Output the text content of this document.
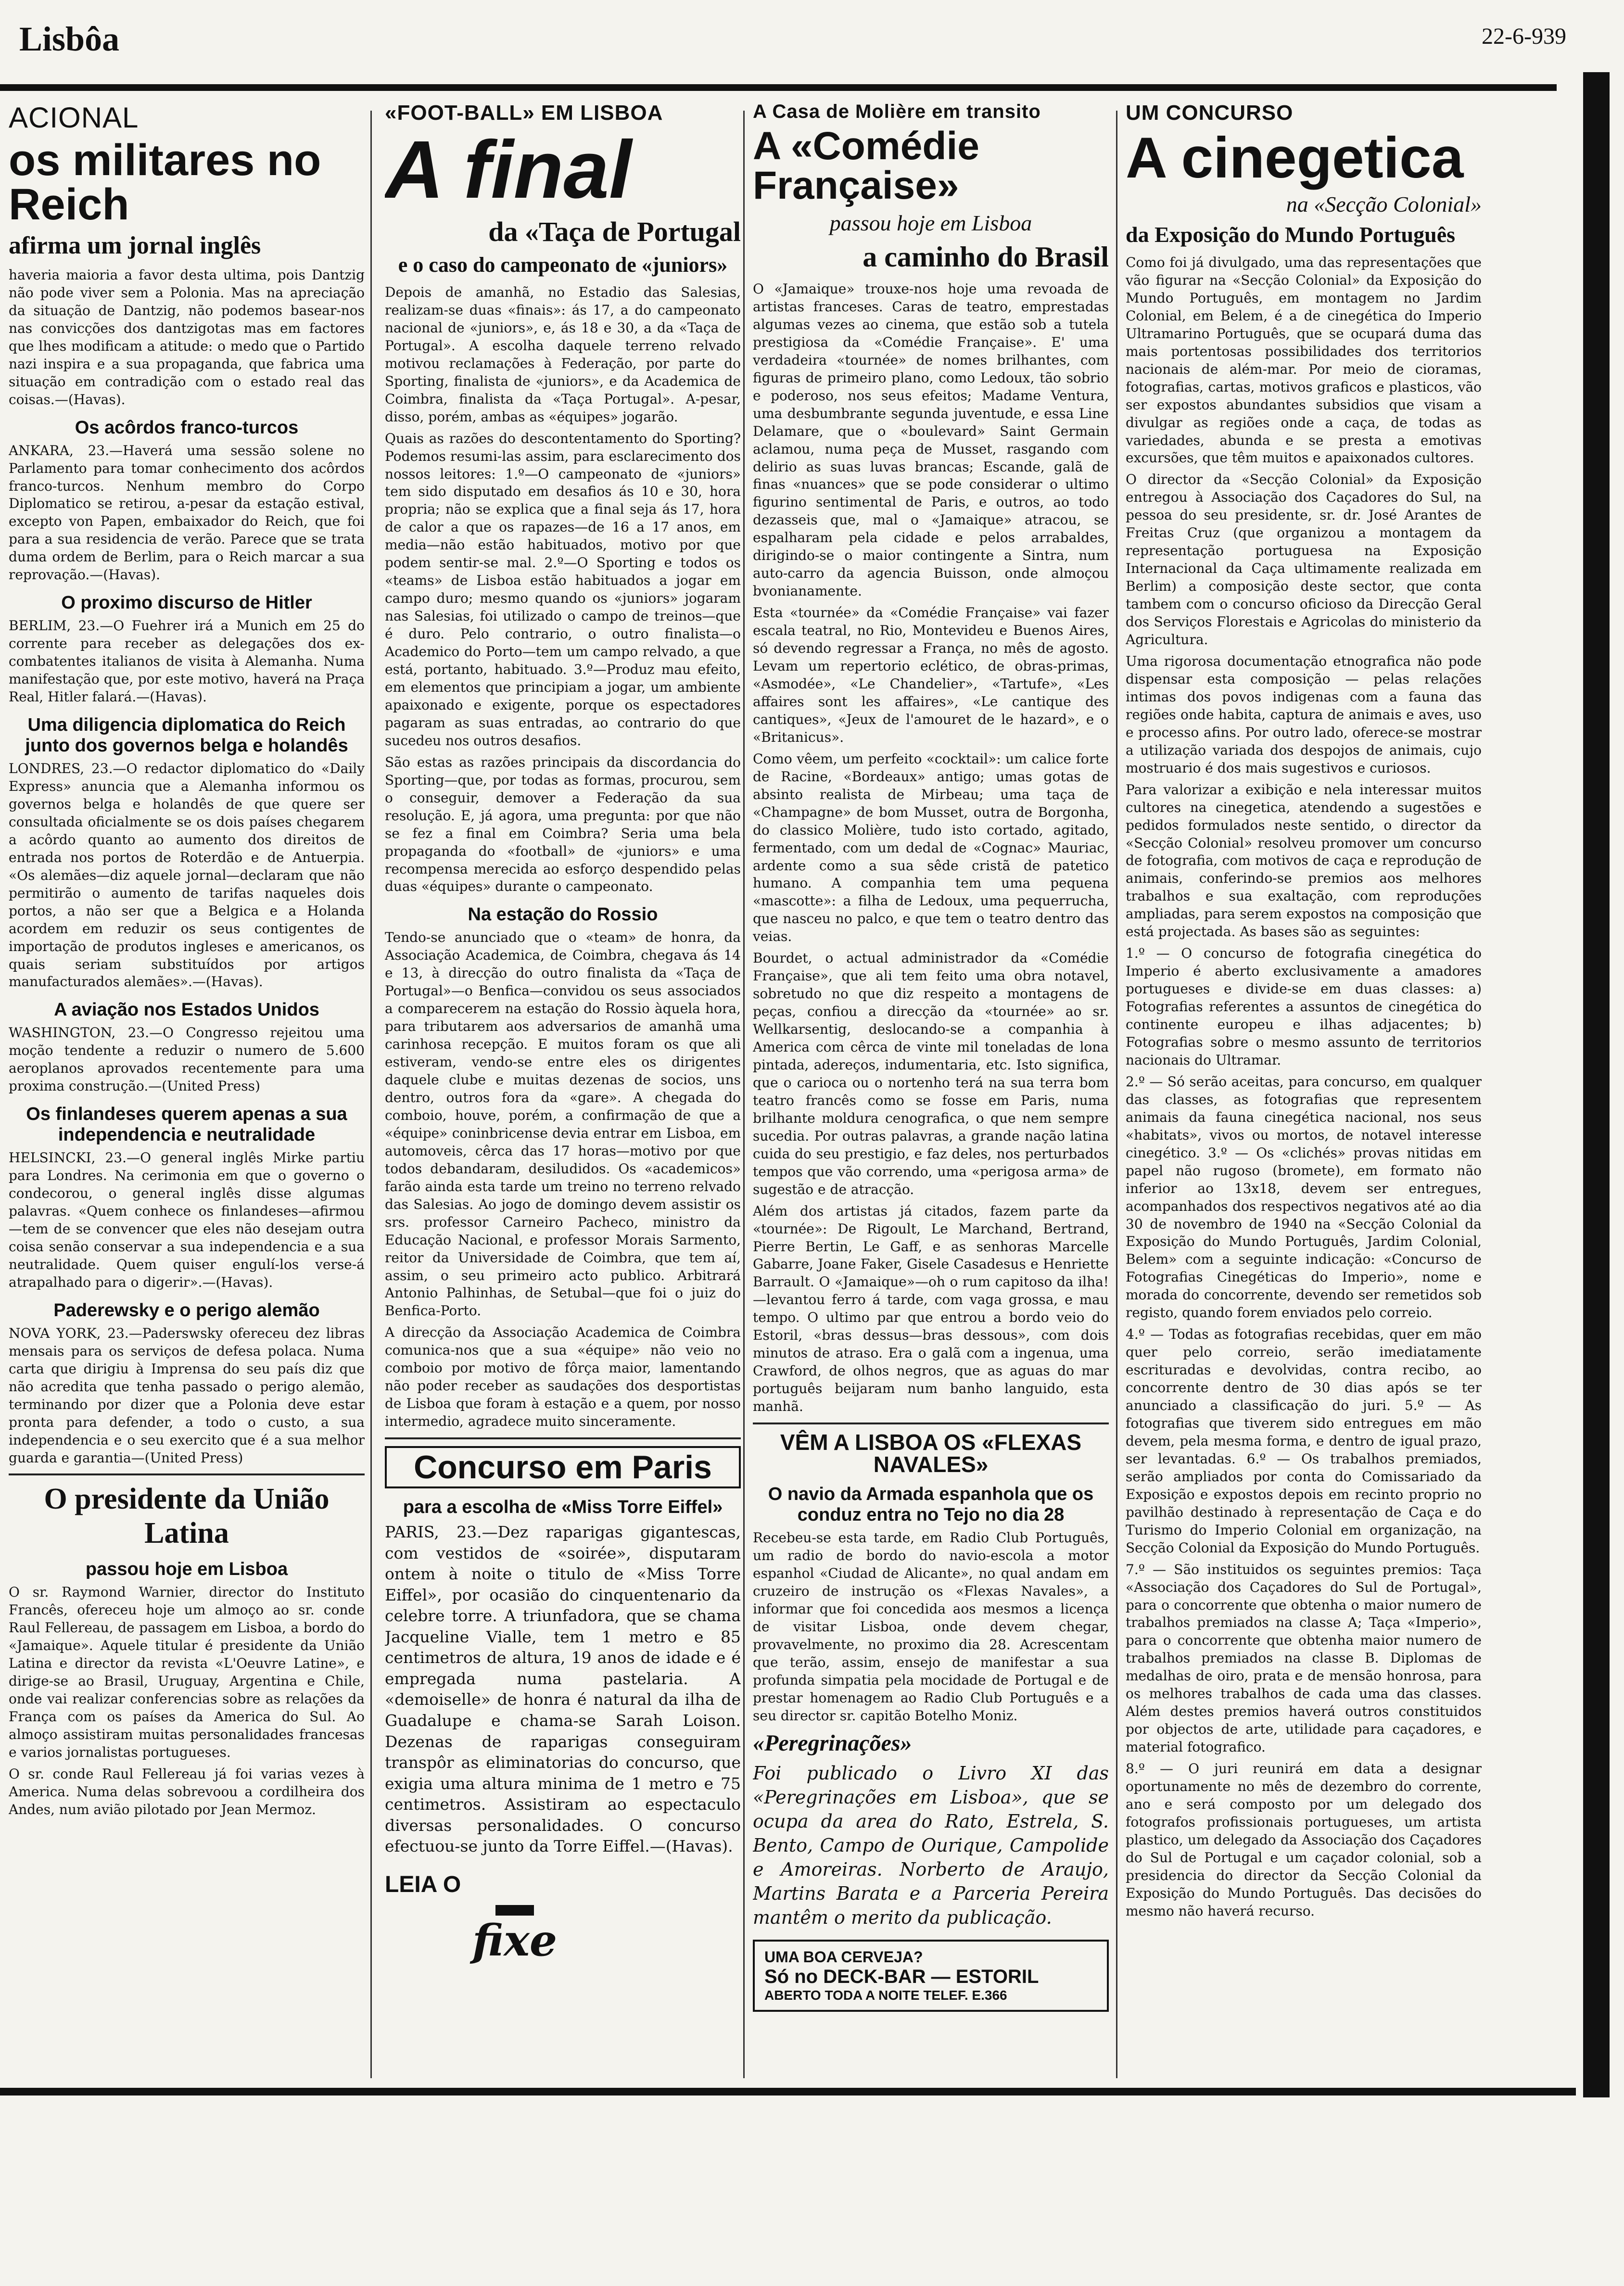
Lisbôa	22-6-939
ACIONAL
os militares no Reich
afirma um jornal inglês

haveria maioria a favor desta ultima, pois Dantzig não pode viver sem a Polonia. Mas na apreciação da situação de Dantzig, não podemos basear-nos nas convicções dos dantzigotas mas em factores que lhes modificam a atitude: o medo que o Partido nazi inspira e a sua propaganda, que fabrica uma situação em contradição com o estado real das coisas.—(Havas).

Os acôrdos franco-turcos

ANKARA, 23.—Haverá uma sessão solene no Parlamento para tomar conhecimento dos acôrdos franco-turcos. Nenhum membro do Corpo Diplomatico se retirou, a-pesar da estação estival, excepto von Papen, embaixador do Reich, que foi para a sua residencia de verão. Parece que se trata duma ordem de Berlim, para o Reich marcar a sua reprovação.—(Havas).

O proximo discurso de Hitler

BERLIM, 23.—O Fuehrer irá a Munich em 25 do corrente para receber as delegações dos ex-combatentes italianos de visita à Alemanha. Numa manifestação que, por este motivo, haverá na Praça Real, Hitler falará.—(Havas).

Uma diligencia diplomatica do Reich junto dos governos belga e holandês

LONDRES, 23.—O redactor diplomatico do «Daily Express» anuncia que a Alemanha informou os governos belga e holandês de que quere ser consultada oficialmente se os dois países chegarem a acôrdo quanto ao aumento dos direitos de entrada nos portos de Roterdão e de Antuerpia. «Os alemães—diz aquele jornal—declaram que não permitirão o aumento de tarifas naqueles dois portos, a não ser que a Belgica e a Holanda acordem em reduzir os seus contigentes de importação de produtos ingleses e americanos, os quais seriam substituídos por artigos manufacturados alemães».—(Havas).

A aviação nos Estados Unidos

WASHINGTON, 23.—O Congresso rejeitou uma moção tendente a reduzir o numero de 5.600 aeroplanos aprovados recentemente para uma proxima construção.—(United Press)

Os finlandeses querem apenas a sua independencia e neutralidade

HELSINCKI, 23.—O general inglês Mirke partiu para Londres. Na cerimonia em que o governo o condecorou, o general inglês disse algumas palavras. «Quem conhece os finlandeses—afirmou—tem de se convencer que eles não desejam outra coisa senão conservar a sua independencia e a sua neutralidade. Quem quiser engulí-los verse-á atrapalhado para o digerir».—(Havas).

Paderewsky e o perigo alemão

NOVA YORK, 23.—Paderswsky ofereceu dez libras mensais para os serviços de defesa polaca. Numa carta que dirigiu à Imprensa do seu país diz que não acredita que tenha passado o perigo alemão, terminando por dizer que a Polonia deve estar pronta para defender, a todo o custo, a sua independencia e o seu exercito que é a sua melhor guarda e garantia—(United Press)

O presidente da União Latina
passou hoje em Lisboa

O sr. Raymond Warnier, director do Instituto Francês, ofereceu hoje um almoço ao sr. conde Raul Fellereau, de passagem em Lisboa, a bordo do «Jamaique». Aquele titular é presidente da União Latina e director da revista «L'Oeuvre Latine», e dirige-se ao Brasil, Uruguay, Argentina e Chile, onde vai realizar conferencias sobre as relações da França com os países da America do Sul. Ao almoço assistiram muitas personalidades francesas e varios jornalistas portugueses.

O sr. conde Raul Fellereau já foi varias vezes à America. Numa delas sobrevoou a cordilheira dos Andes, num avião pilotado por Jean Mermoz.

«FOOT-BALL» EM LISBOA
A final
da «Taça de Portugal
e o caso do campeonato de «juniors»

Depois de amanhã, no Estadio das Salesias, realizam-se duas «finais»: ás 17, a do campeonato nacional de «juniors», e, ás 18 e 30, a da «Taça de Portugal». A escolha daquele terreno relvado motivou reclamações à Federação, por parte do Sporting, finalista de «juniors», e da Academica de Coimbra, finalista da «Taça Portugal». A-pesar, disso, porém, ambas as «équipes» jogarão.

Quais as razões do descontentamento do Sporting? Podemos resumi-las assim, para esclarecimento dos nossos leitores: 1.º—O campeonato de «juniors» tem sido disputado em desafios ás 10 e 30, hora propria; não se explica que a final seja ás 17, hora de calor a que os rapazes—de 16 a 17 anos, em media—não estão habituados, motivo por que podem sentir-se mal. 2.º—O Sporting e todos os «teams» de Lisboa estão habituados a jogar em campo duro; mesmo quando os «juniors» jogaram nas Salesias, foi utilizado o campo de treinos—que é duro. Pelo contrario, o outro finalista—o Academico do Porto—tem um campo relvado, a que está, portanto, habituado. 3.º—Produz mau efeito, em elementos que principiam a jogar, um ambiente apaixonado e exigente, porque os espectadores pagaram as suas entradas, ao contrario do que sucedeu nos outros desafios.

São estas as razões principais da discordancia do Sporting—que, por todas as formas, procurou, sem o conseguir, demover a Federação da sua resolução. E, já agora, uma pregunta: por que não se fez a final em Coimbra? Seria uma bela propaganda do «football» de «juniors» e uma recompensa merecida ao esforço despendido pelas duas «équipes» durante o campeonato.

Na estação do Rossio

Tendo-se anunciado que o «team» de honra, da Associação Academica, de Coimbra, chegava ás 14 e 13, à direcção do outro finalista da «Taça de Portugal»—o Benfica—convidou os seus associados a comparecerem na estação do Rossio àquela hora, para tributarem aos adversarios de amanhã uma carinhosa recepção. E muitos foram os que ali estiveram, vendo-se entre eles os dirigentes daquele clube e muitas dezenas de socios, uns dentro, outros fora da «gare». A chegada do comboio, houve, porém, a confirmação de que a «équipe» coninbricense devia entrar em Lisboa, em automoveis, cêrca das 17 horas—motivo por que todos debandaram, desiludidos. Os «academicos» farão ainda esta tarde um treino no terreno relvado das Salesias. Ao jogo de domingo devem assistir os srs. professor Carneiro Pacheco, ministro da Educação Nacional, e professor Morais Sarmento, reitor da Universidade de Coimbra, que tem aí, assim, o seu primeiro acto publico. Arbitrará Antonio Palhinhas, de Setubal—que foi o juiz do Benfica-Porto.

A direcção da Associação Academica de Coimbra comunica-nos que a sua «équipe» não veio no comboio por motivo de fôrça maior, lamentando não poder receber as saudações dos desportistas de Lisboa que foram à estação e a quem, por nosso intermedio, agradece muito sinceramente.

Concurso em Paris
para a escolha de «Miss Torre Eiffel»

PARIS, 23.—Dez raparigas gigantescas, com vestidos de «soirée», disputaram ontem à noite o titulo de «Miss Torre Eiffel», por ocasião do cinquentenario da celebre torre. A triunfadora, que se chama Jacqueline Vialle, tem 1 metro e 85 centimetros de altura, 19 anos de idade e é empregada numa pastelaria. A «demoiselle» de honra é natural da ilha de Guadalupe e chama-se Sarah Loison. Dezenas de raparigas conseguiram transpôr as eliminatorias do concurso, que exigia uma altura minima de 1 metro e 75 centimetros. Assistiram ao espectaculo diversas personalidades. O concurso efectuou-se junto da Torre Eiffel.—(Havas).

LEIA O
fixe
A Casa de Molière em transito
A «Comédie Française»
passou hoje em Lisboa
a caminho do Brasil

O «Jamaique» trouxe-nos hoje uma revoada de artistas franceses. Caras de teatro, emprestadas algumas vezes ao cinema, que estão sob a tutela prestigiosa da «Comédie Française». E' uma verdadeira «tournée» de nomes brilhantes, com figuras de primeiro plano, como Ledoux, tão sobrio e poderoso, nos seus efeitos; Madame Ventura, uma desbumbrante segunda juventude, e essa Line Delamare, que o «boulevard» Saint Germain aclamou, numa peça de Musset, rasgando com delirio as suas luvas brancas; Escande, galã de finas «nuances» que se pode considerar o ultimo figurino sentimental de Paris, e outros, ao todo dezasseis que, mal o «Jamaique» atracou, se espalharam pela cidade e pelos arrabaldes, dirigindo-se o maior contingente a Sintra, num auto-carro da agencia Buisson, onde almoçou bvonianamente.

Esta «tournée» da «Comédie Française» vai fazer escala teatral, no Rio, Montevideu e Buenos Aires, só devendo regressar a França, no mês de agosto. Levam um repertorio eclético, de obras-primas, «Asmodée», «Le Chandelier», «Tartufe», «Les affaires sont les affaires», «Le cantique des cantiques», «Jeux de l'amouret de le hazard», e o «Britanicus».

Como vêem, um perfeito «cocktail»: um calice forte de Racine, «Bordeaux» antigo; umas gotas de absinto realista de Mirbeau; uma taça de «Champagne» de bom Musset, outra de Borgonha, do classico Molière, tudo isto cortado, agitado, fermentado, com um dedal de «Cognac» Mauriac, ardente como a sua sêde cristã de patetico humano. A companhia tem uma pequena «mascotte»: a filha de Ledoux, uma pequerrucha, que nasceu no palco, e que tem o teatro dentro das veias.

Bourdet, o actual administrador da «Comédie Française», que ali tem feito uma obra notavel, sobretudo no que diz respeito a montagens de peças, confiou a direcção da «tournée» ao sr. Wellkarsentig, deslocando-se a companhia à America com cêrca de vinte mil toneladas de lona pintada, adereços, indumentaria, etc. Isto significa, que o carioca ou o nortenho terá na sua terra bom teatro francês como se fosse em Paris, numa brilhante moldura cenografica, o que nem sempre sucedia. Por outras palavras, a grande nação latina cuida do seu prestigio, e faz deles, nos perturbados tempos que vão correndo, uma «perigosa arma» de sugestão e de atracção.

Além dos artistas já citados, fazem parte da «tournée»: De Rigoult, Le Marchand, Bertrand, Pierre Bertin, Le Gaff, e as senhoras Marcelle Gabarre, Joane Faker, Gisele Casadesus e Henriette Barrault. O «Jamaique»—oh o rum capitoso da ilha!—levantou ferro á tarde, com vaga grossa, e mau tempo. O ultimo par que entrou a bordo veio do Estoril, «bras dessus—bras dessous», com dois minutos de atraso. Era o galã com a ingenua, uma Crawford, de olhos negros, que as aguas do mar português beijaram num banho languido, esta manhã.

VÊM A LISBOA OS «FLEXAS NAVALES»
O navio da Armada espanhola que os conduz entra no Tejo no dia 28

Recebeu-se esta tarde, em Radio Club Português, um radio de bordo do navio-escola a motor espanhol «Ciudad de Alicante», no qual andam em cruzeiro de instrução os «Flexas Navales», a informar que foi concedida aos mesmos a licença de visitar Lisboa, onde devem chegar, provavelmente, no proximo dia 28. Acrescentam que terão, assim, ensejo de manifestar a sua profunda simpatia pela mocidade de Portugal e de prestar homenagem ao Radio Club Português e a seu director sr. capitão Botelho Moniz.

«Peregrinações»

Foi publicado o Livro XI das «Peregrinações em Lisboa», que se ocupa da area do Rato, Estrela, S. Bento, Campo de Ourique, Campolide e Amoreiras. Norberto de Araujo, Martins Barata e a Parceria Pereira mantêm o merito da publicação.

UMA BOA CERVEJA?
Só no DECK-BAR — ESTORIL
ABERTO TODA A NOITE TELEF. E.366
UM CONCURSO
A cinegetica
na «Secção Colonial»
da Exposição do Mundo Português

Como foi já divulgado, uma das representações que vão figurar na «Secção Colonial» da Exposição do Mundo Português, em montagem no Jardim Colonial, em Belem, é a de cinegética do Imperio Ultramarino Português, que se ocupará duma das mais portentosas possibilidades dos territorios nacionais de além-mar. Por meio de cioramas, fotografias, cartas, motivos graficos e plasticos, vão ser expostos abundantes subsidios que visam a divulgar as regiões onde a caça, de todas as variedades, abunda e se presta a emotivas excursões, que têm muitos e apaixonados cultores.

O director da «Secção Colonial» da Exposição entregou à Associação dos Caçadores do Sul, na pessoa do seu presidente, sr. dr. José Arantes de Freitas Cruz (que organizou a montagem da representação portuguesa na Exposição Internacional da Caça ultimamente realizada em Berlim) a composição deste sector, que conta tambem com o concurso oficioso da Direcção Geral dos Serviços Florestais e Agricolas do ministerio da Agricultura.

Uma rigorosa documentação etnografica não pode dispensar esta composição — pelas relações intimas dos povos indigenas com a fauna das regiões onde habita, captura de animais e aves, uso e processo afins. Por outro lado, oferece-se mostrar a utilização variada dos despojos de animais, cujo mostruario é dos mais sugestivos e curiosos.

Para valorizar a exibição e nela interessar muitos cultores na cinegetica, atendendo a sugestões e pedidos formulados neste sentido, o director da «Secção Colonial» resolveu promover um concurso de fotografia, com motivos de caça e reprodução de animais, conferindo-se premios aos melhores trabalhos e sua exaltação, com reproduções ampliadas, para serem expostos na composição que está projectada. As bases são as seguintes:

1.º — O concurso de fotografia cinegética do Imperio é aberto exclusivamente a amadores portugueses e divide-se em duas classes: a) Fotografias referentes a assuntos de cinegética do continente europeu e ilhas adjacentes; b) Fotografias sobre o mesmo assunto de territorios nacionais do Ultramar.

2.º — Só serão aceitas, para concurso, em qualquer das classes, as fotografias que representem animais da fauna cinegética nacional, nos seus «habitats», vivos ou mortos, de notavel interesse cinegético. 3.º — Os «clichés» provas nitidas em papel não rugoso (bromete), em formato não inferior ao 13x18, devem ser entregues, acompanhados dos respectivos negativos até ao dia 30 de novembro de 1940 na «Secção Colonial da Exposição do Mundo Português, Jardim Colonial, Belem» com a seguinte indicação: «Concurso de Fotografias Cinegéticas do Imperio», nome e morada do concorrente, devendo ser remetidos sob registo, quando forem enviados pelo correio.

4.º — Todas as fotografias recebidas, quer em mão quer pelo correio, serão imediatamente escrituradas e devolvidas, contra recibo, ao concorrente dentro de 30 dias após se ter anunciado a classificação do juri. 5.º — As fotografias que tiverem sido entregues em mão devem, pela mesma forma, e dentro de igual prazo, ser levantadas. 6.º — Os trabalhos premiados, serão ampliados por conta do Comissariado da Exposição e expostos depois em recinto proprio no pavilhão destinado à representação de Caça e do Turismo do Imperio Colonial em organização, na Secção Colonial da Exposição do Mundo Português.

7.º — São instituidos os seguintes premios: Taça «Associação dos Caçadores do Sul de Portugal», para o concorrente que obtenha o maior numero de trabalhos premiados na classe A; Taça «Imperio», para o concorrente que obtenha maior numero de trabalhos premiados na classe B. Diplomas de medalhas de oiro, prata e de mensão honrosa, para os melhores trabalhos de cada uma das classes. Além destes premios haverá outros constituidos por objectos de arte, utilidade para caçadores, e material fotografico.

8.º — O juri reunirá em data a designar oportunamente no mês de dezembro do corrente, ano e será composto por um delegado dos fotografos profissionais portugueses, um artista plastico, um delegado da Associação dos Caçadores do Sul de Portugal e um caçador colonial, sob a presidencia do director da Secção Colonial da Exposição do Mundo Português. Das decisões do mesmo não haverá recurso.
